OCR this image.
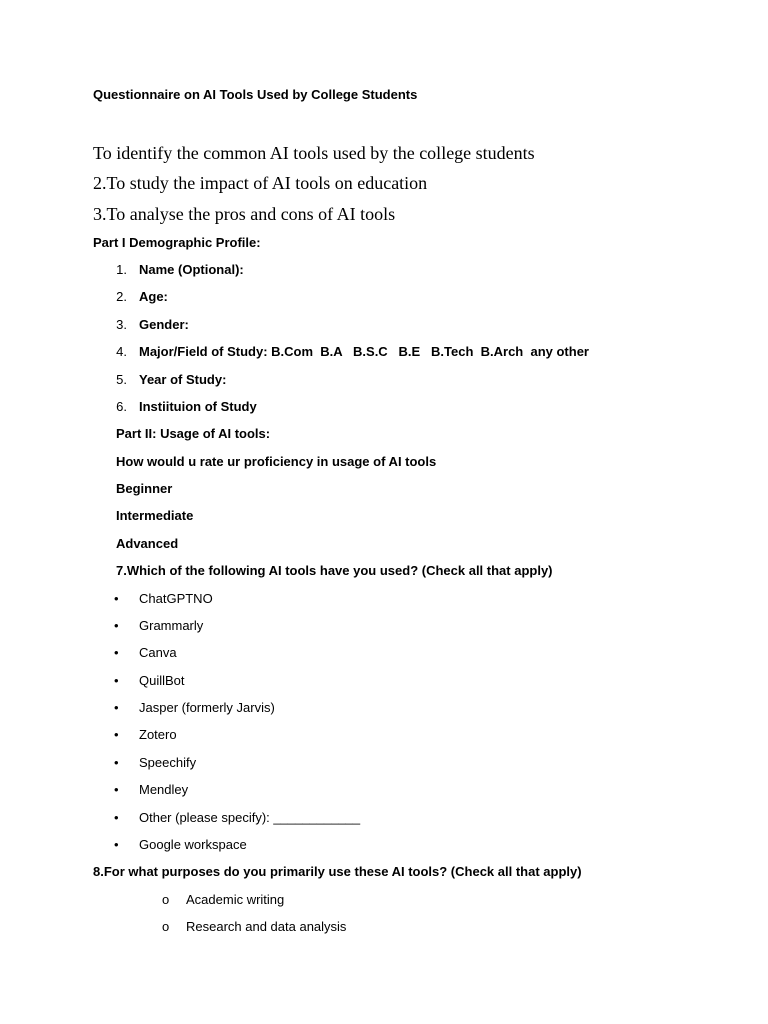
Questionnaire on AI Tools Used by College Students
To identify the common AI tools used by the college students
2.To study the impact of AI tools on education
3.To analyse the pros and cons of AI tools
Part I Demographic Profile:
1. Name (Optional):
2. Age:
3. Gender:
4. Major/Field of Study: B.Com  B.A   B.S.C   B.E   B.Tech  B.Arch  any other
5. Year of Study:
6. Instiituion of Study
Part II: Usage of AI tools:
How would u rate ur proficiency in usage of AI tools
Beginner
Intermediate
Advanced
7.Which of the following AI tools have you used? (Check all that apply)
• ChatGPTNO
• Grammarly
• Canva
• QuillBot
• Jasper (formerly Jarvis)
• Zotero
• Speechify
• Mendley
• Other (please specify): ____________
• Google workspace
8.For what purposes do you primarily use these AI tools? (Check all that apply)
o Academic writing
o Research and data analysis
